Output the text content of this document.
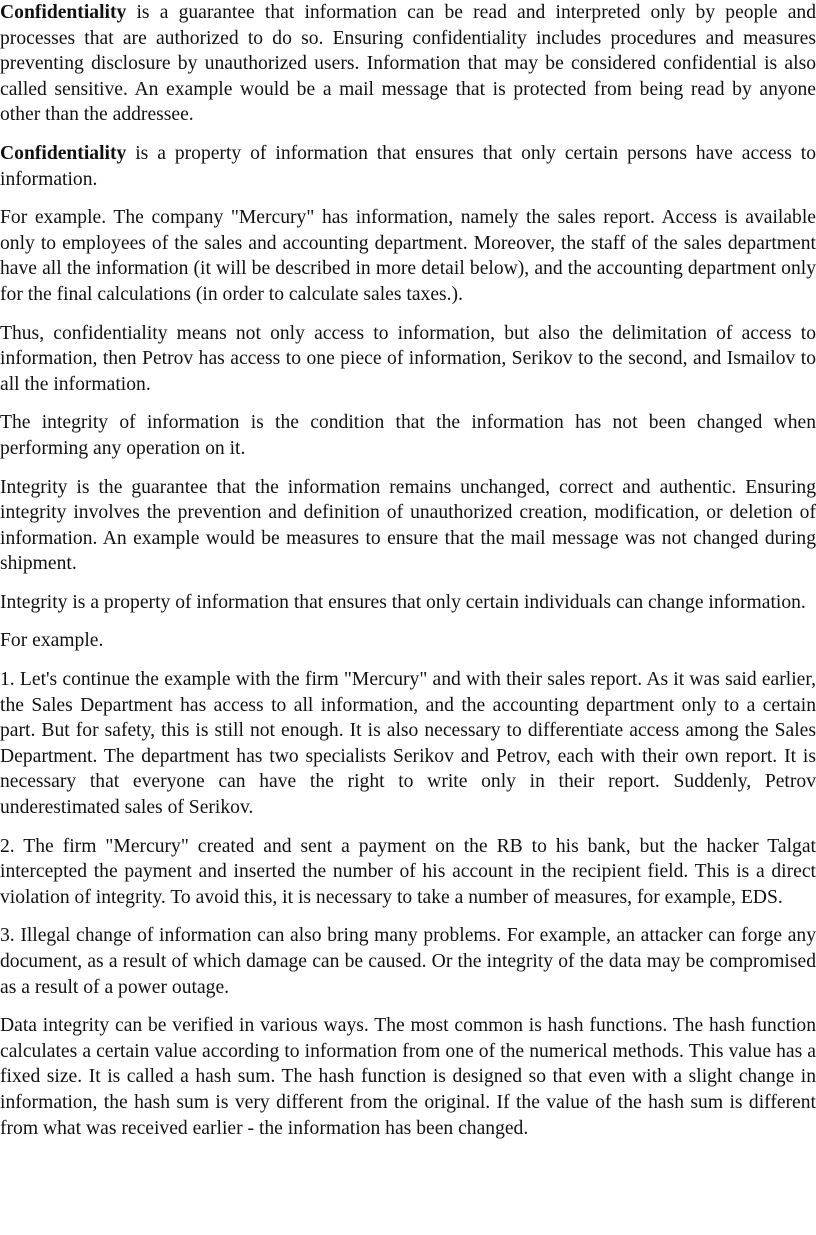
Confidentiality is a guarantee that information can be read and interpreted only by people and processes that are authorized to do so. Ensuring confidentiality includes procedures and measures preventing disclosure by unauthorized users. Information that may be considered confidential is also called sensitive. An example would be a mail message that is protected from being read by anyone other than the addressee.

Confidentiality is a property of information that ensures that only certain persons have access to information.

For example. The company "Mercury" has information, namely the sales report. Access is available only to employees of the sales and accounting department. Moreover, the staff of the sales department have all the information (it will be described in more detail below), and the accounting department only for the final calculations (in order to calculate sales taxes.).

Thus, confidentiality means not only access to information, but also the delimitation of access to information, then Petrov has access to one piece of information, Serikov to the second, and Ismailov to all the information.

The integrity of information is the condition that the information has not been changed when performing any operation on it.

Integrity is the guarantee that the information remains unchanged, correct and authentic. Ensuring integrity involves the prevention and definition of unauthorized creation, modification, or deletion of information. An example would be measures to ensure that the mail message was not changed during shipment.

Integrity is a property of information that ensures that only certain individuals can change information.

For example.

1. Let's continue the example with the firm "Mercury" and with their sales report. As it was said earlier, the Sales Department has access to all information, and the accounting department only to a certain part. But for safety, this is still not enough. It is also necessary to differentiate access among the Sales Department. The department has two specialists Serikov and Petrov, each with their own report. It is necessary that everyone can have the right to write only in their report. Suddenly, Petrov underestimated sales of Serikov.

2. The firm "Mercury" created and sent a payment on the RB to his bank, but the hacker Talgat intercepted the payment and inserted the number of his account in the recipient field. This is a direct violation of integrity. To avoid this, it is necessary to take a number of measures, for example, EDS.

3. Illegal change of information can also bring many problems. For example, an attacker can forge any document, as a result of which damage can be caused. Or the integrity of the data may be compromised as a result of a power outage.

Data integrity can be verified in various ways. The most common is hash functions. The hash function calculates a certain value according to information from one of the numerical methods. This value has a fixed size. It is called a hash sum. The hash function is designed so that even with a slight change in information, the hash sum is very different from the original. If the value of the hash sum is different from what was received earlier - the information has been changed.
